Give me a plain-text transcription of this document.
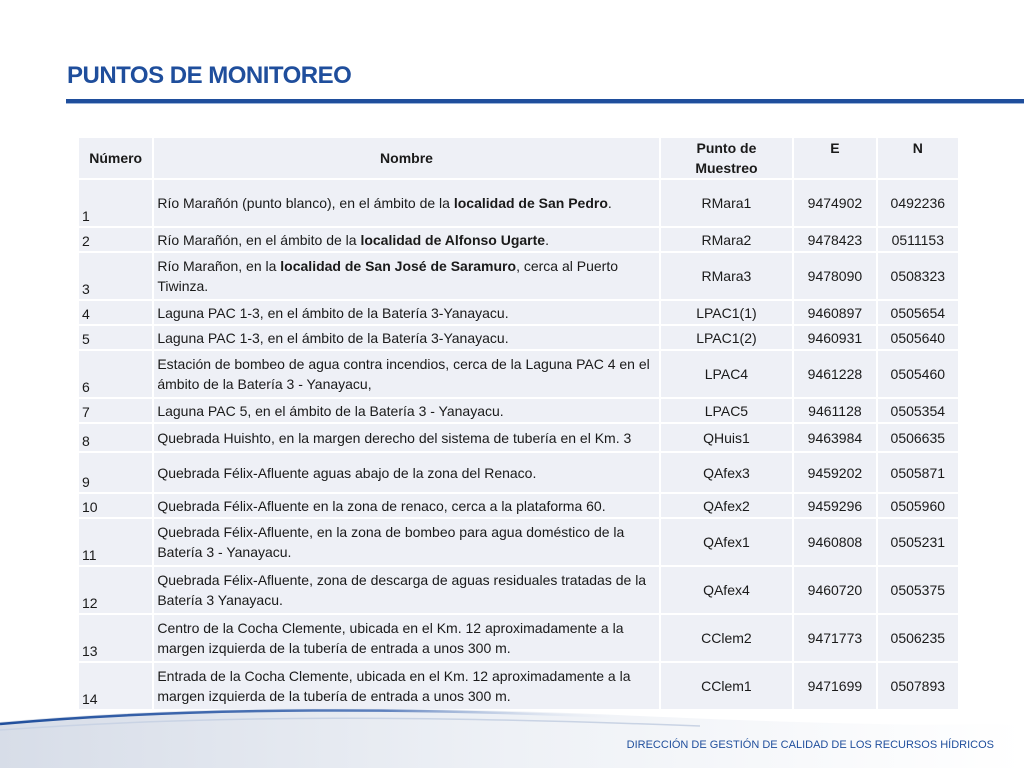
PUNTOS DE MONITOREO
Número	Nombre	Punto de Muestreo	E	N
1	Río Marañón (punto blanco), en el ámbito de la localidad de San Pedro.	RMara1	9474902	0492236
2	Río Marañón, en el ámbito de la localidad de Alfonso Ugarte.	RMara2	9478423	0511153
3	Río Marañon, en la localidad de San José de Saramuro, cerca al Puerto Tiwinza.	RMara3	9478090	0508323
4	Laguna PAC 1-3, en el ámbito de la Batería 3-Yanayacu.	LPAC1(1)	9460897	0505654
5	Laguna PAC 1-3, en el ámbito de la Batería 3-Yanayacu.	LPAC1(2)	9460931	0505640
6	Estación de bombeo de agua contra incendios, cerca de la Laguna PAC 4 en el ámbito de la Batería 3 - Yanayacu,	LPAC4	9461228	0505460
7	Laguna PAC 5, en el ámbito de la Batería 3 - Yanayacu.	LPAC5	9461128	0505354
8	Quebrada Huishto, en la margen derecho del sistema de tubería en el Km. 3	QHuis1	9463984	0506635
9	Quebrada Félix-Afluente aguas abajo de la zona del Renaco.	QAfex3	9459202	0505871
10	Quebrada Félix-Afluente en la zona de renaco, cerca a la plataforma 60.	QAfex2	9459296	0505960
11	Quebrada Félix-Afluente, en la zona de bombeo para agua doméstico de la Batería 3 - Yanayacu.	QAfex1	9460808	0505231
12	Quebrada Félix-Afluente, zona de descarga de aguas residuales tratadas de la Batería 3 Yanayacu.	QAfex4	9460720	0505375
13	Centro de la Cocha Clemente, ubicada en el Km. 12 aproximadamente a la margen izquierda de la tubería de entrada a unos 300 m.	CClem2	9471773	0506235
14	Entrada de la Cocha Clemente, ubicada en el Km. 12 aproximadamente a la margen izquierda de la tubería de entrada a unos 300 m.	CClem1	9471699	0507893
DIRECCIÓN DE GESTIÓN DE CALIDAD DE LOS RECURSOS HÍDRICOS
